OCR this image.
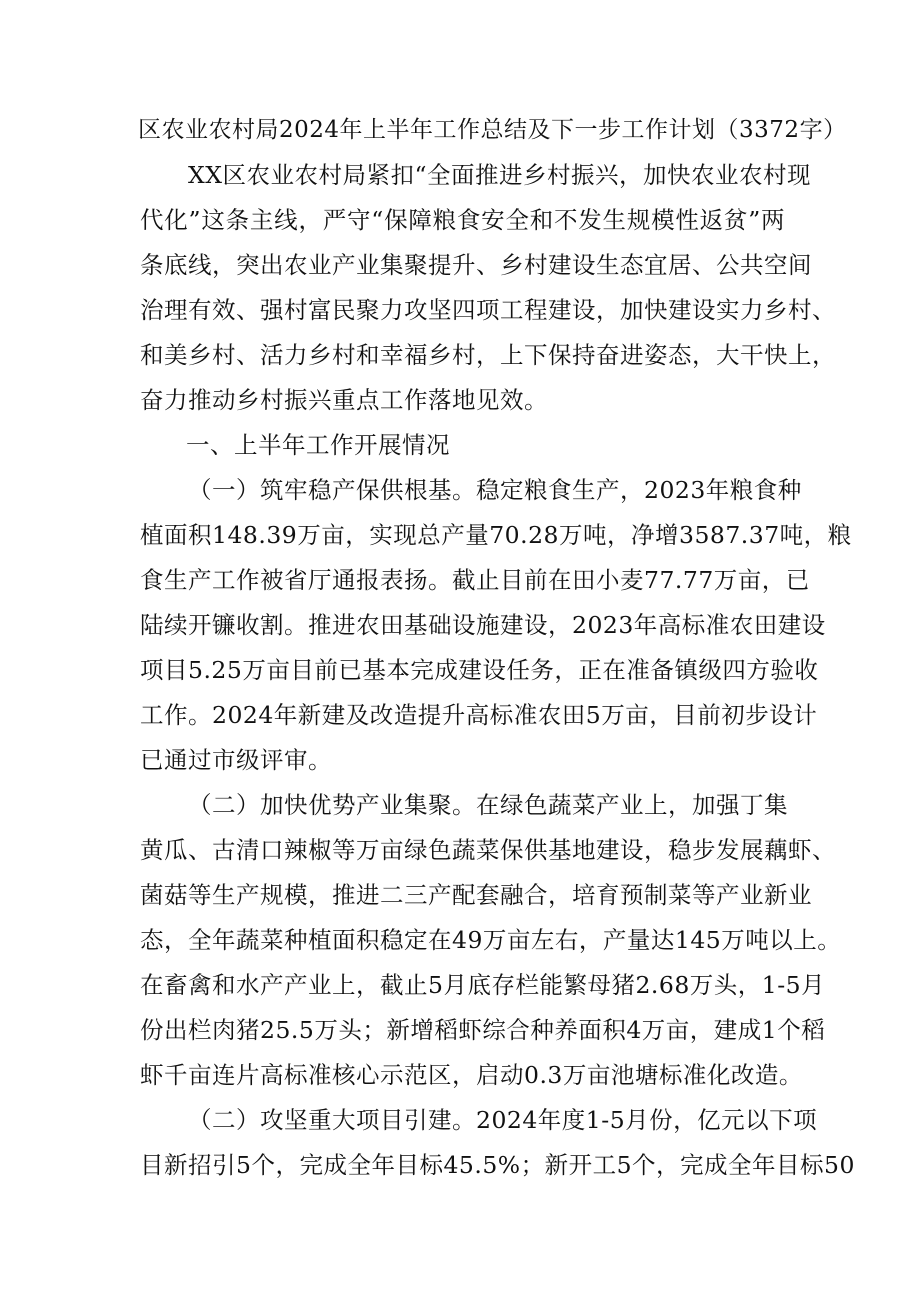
区农业农村局2024年上半年工作总结及下一步工作计划（3372字）
XX区农业农村局紧扣“全面推进乡村振兴，加快农业农村现
代化”这条主线，严守“保障粮食安全和不发生规模性返贫”两
条底线，突出农业产业集聚提升、乡村建设生态宜居、公共空间
治理有效、强村富民聚力攻坚四项工程建设，加快建设实力乡村、
和美乡村、活力乡村和幸福乡村，上下保持奋进姿态，大干快上，
奋力推动乡村振兴重点工作落地见效。
一、上半年工作开展情况
（一）筑牢稳产保供根基。稳定粮食生产，2023年粮食种
植面积148.39万亩，实现总产量70.28万吨，净增3587.37吨，粮
食生产工作被省厅通报表扬。截止目前在田小麦77.77万亩，已
陆续开镰收割。推进农田基础设施建设，2023年高标准农田建设
项目5.25万亩目前已基本完成建设任务，正在准备镇级四方验收
工作。2024年新建及改造提升高标准农田5万亩，目前初步设计
已通过市级评审。
（二）加快优势产业集聚。在绿色蔬菜产业上，加强丁集
黄瓜、古清口辣椒等万亩绿色蔬菜保供基地建设，稳步发展藕虾、
菌菇等生产规模，推进二三产配套融合，培育预制菜等产业新业
态，全年蔬菜种植面积稳定在49万亩左右，产量达145万吨以上。
在畜禽和水产产业上，截止5月底存栏能繁母猪2.68万头，1-5月
份出栏肉猪25.5万头；新增稻虾综合种养面积4万亩，建成1个稻
虾千亩连片高标准核心示范区，启动0.3万亩池塘标准化改造。
（二）攻坚重大项目引建。2024年度1-5月份，亿元以下项
目新招引5个，完成全年目标45.5%；新开工5个，完成全年目标50
